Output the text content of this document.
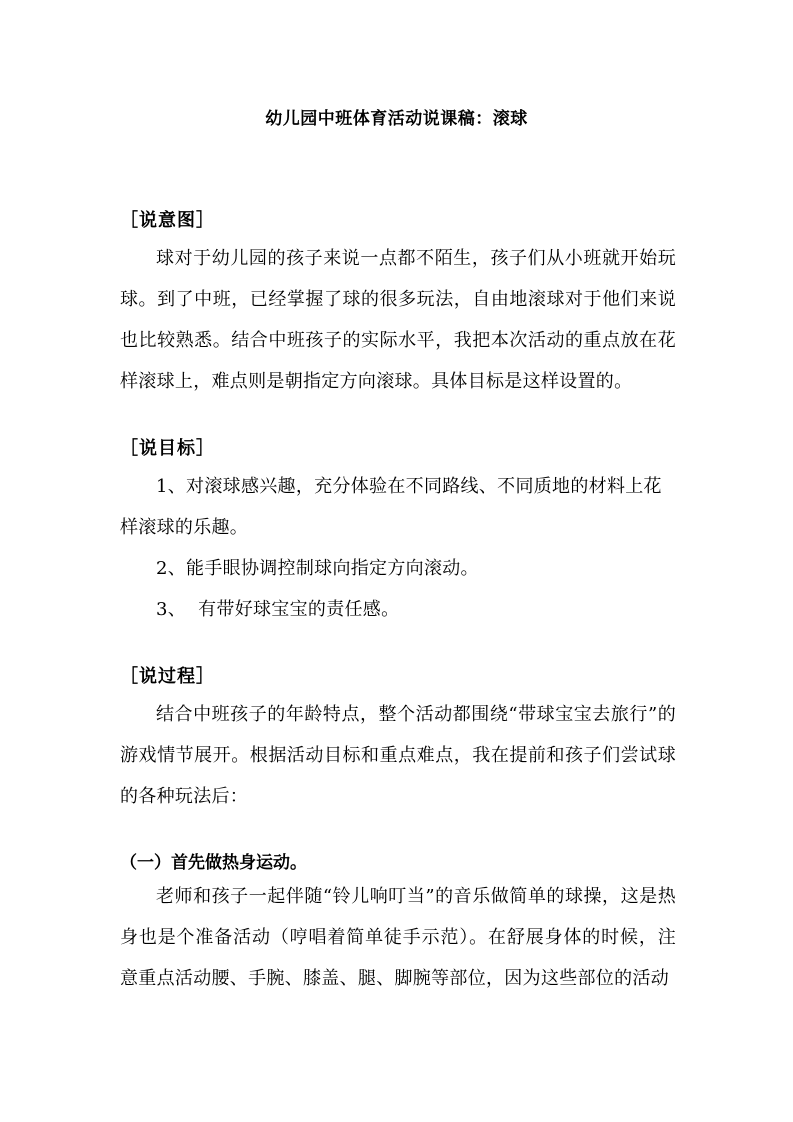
幼儿园中班体育活动说课稿：滚球
［说意图］
球对于幼儿园的孩子来说一点都不陌生，孩子们从小班就开始玩球。到了中班，已经掌握了球的很多玩法，自由地滚球对于他们来说也比较熟悉。结合中班孩子的实际水平，我把本次活动的重点放在花样滚球上，难点则是朝指定方向滚球。具体目标是这样设置的。
［说目标］
1、对滚球感兴趣，充分体验在不同路线、不同质地的材料上花样滚球的乐趣。
2、能手眼协调控制球向指定方向滚动。
3、  有带好球宝宝的责任感。
［说过程］
结合中班孩子的年龄特点，整个活动都围绕“带球宝宝去旅行”的游戏情节展开。根据活动目标和重点难点，我在提前和孩子们尝试球的各种玩法后：
（一）首先做热身运动。
老师和孩子一起伴随“铃儿响叮当”的音乐做简单的球操，这是热身也是个准备活动（哼唱着简单徒手示范）。在舒展身体的时候，注意重点活动腰、手腕、膝盖、腿、脚腕等部位，因为这些部位的活动
